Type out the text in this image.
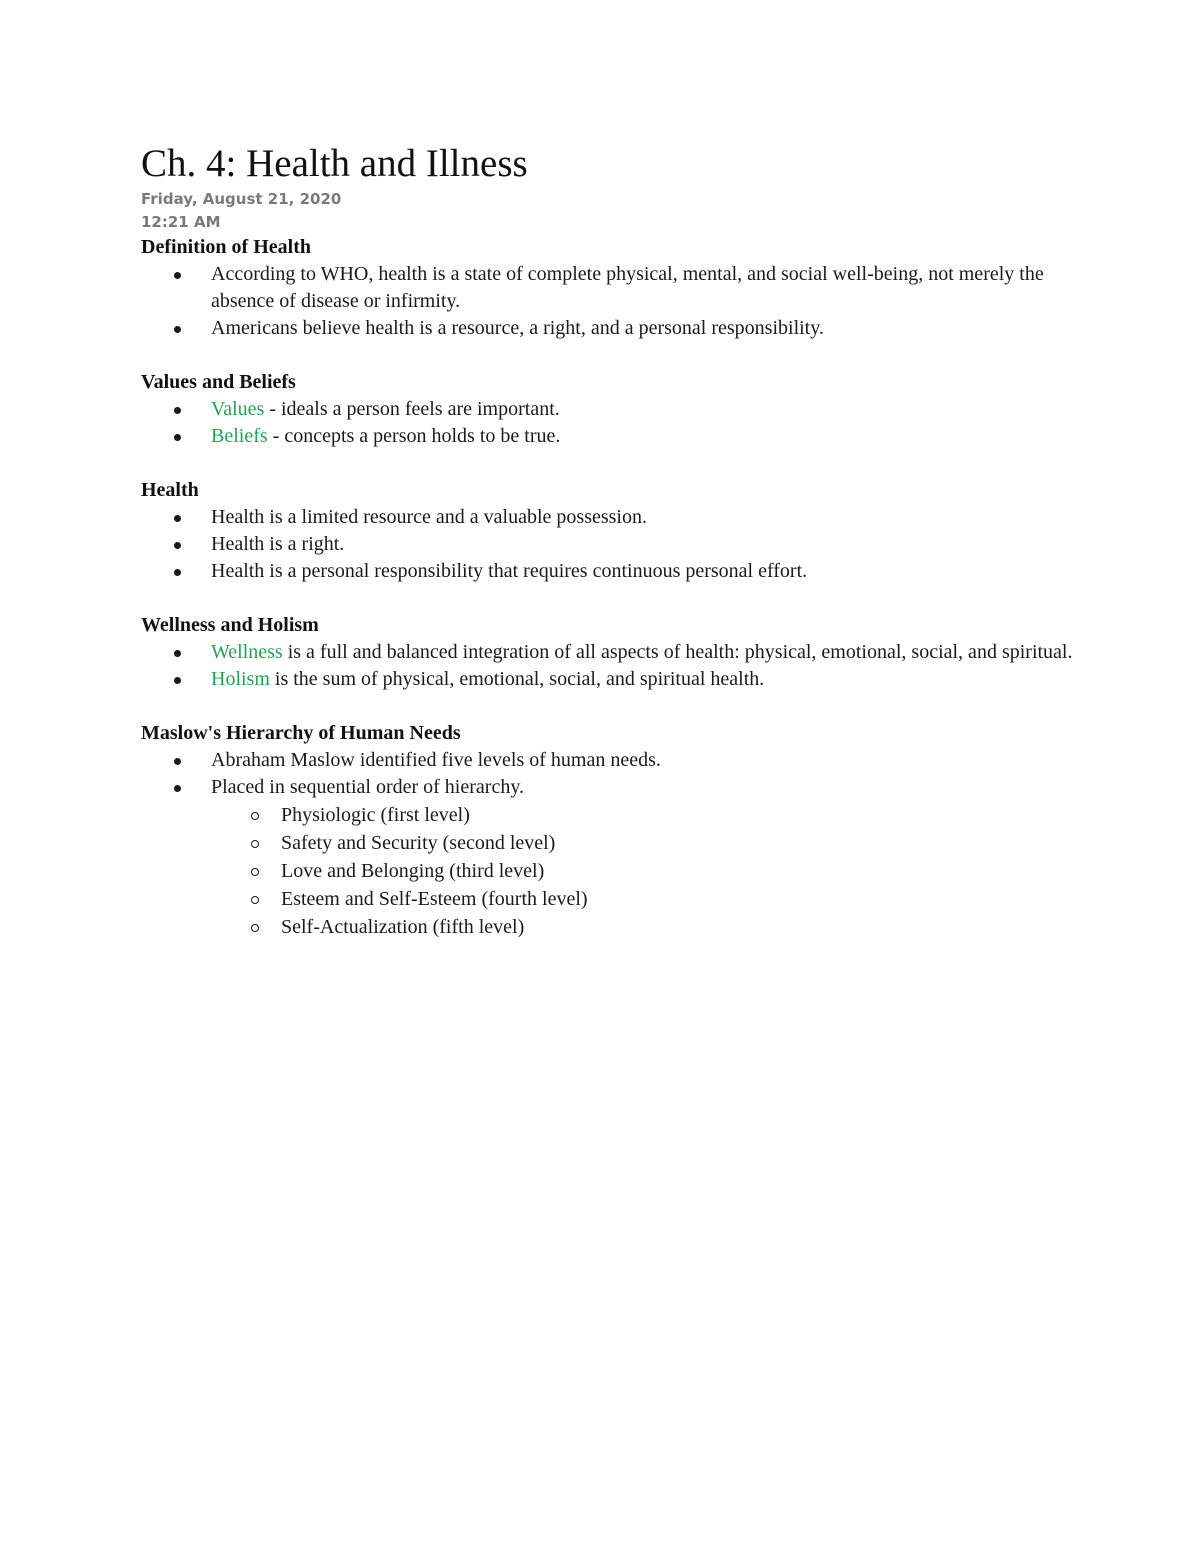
Ch. 4: Health and Illness
Friday, August 21, 2020
12:21 AM
Definition of Health
According to WHO, health is a state of complete physical, mental, and social well-being, not merely the absence of disease or infirmity.
Americans believe health is a resource, a right, and a personal responsibility.
Values and Beliefs
Values - ideals a person feels are important.
Beliefs - concepts a person holds to be true.
Health
Health is a limited resource and a valuable possession.
Health is a right.
Health is a personal responsibility that requires continuous personal effort.
Wellness and Holism
Wellness is a full and balanced integration of all aspects of health: physical, emotional, social, and spiritual.
Holism is the sum of physical, emotional, social, and spiritual health.
Maslow's Hierarchy of Human Needs
Abraham Maslow identified five levels of human needs.
Placed in sequential order of hierarchy.
Physiologic (first level)
Safety and Security (second level)
Love and Belonging (third level)
Esteem and Self-Esteem (fourth level)
Self-Actualization (fifth level)
